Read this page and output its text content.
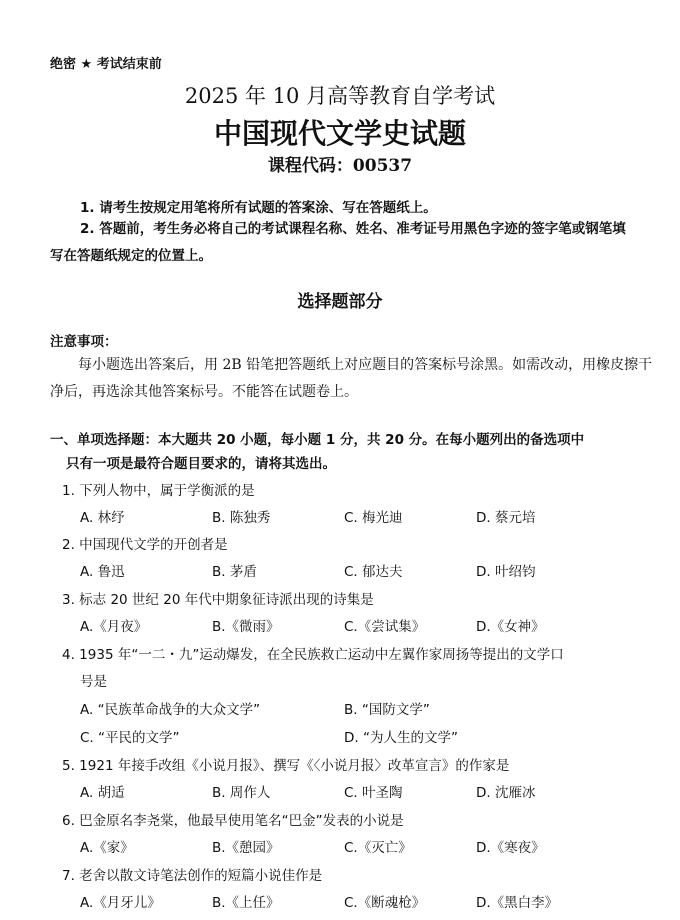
绝密 ★ 考试结束前
2025 年 10 月高等教育自学考试
中国现代文学史试题
课程代码：00537
1. 请考生按规定用笔将所有试题的答案涂、写在答题纸上。
2. 答题前，考生务必将自己的考试课程名称、姓名、准考证号用黑色字迹的签字笔或钢笔填写在答题纸规定的位置上。
选择题部分
注意事项：
每小题选出答案后，用 2B 铅笔把答题纸上对应题目的答案标号涂黑。如需改动，用橡皮擦干净后，再选涂其他答案标号。不能答在试题卷上。
一、单项选择题：本大题共 20 小题，每小题 1 分，共 20 分。在每小题列出的备选项中
只有一项是最符合题目要求的，请将其选出。
1. 下列人物中，属于学衡派的是
A. 林纾	B. 陈独秀	C. 梅光迪	D. 蔡元培
2. 中国现代文学的开创者是
A. 鲁迅	B. 茅盾	C. 郁达夫	D. 叶绍钧
3. 标志 20 世纪 20 年代中期象征诗派出现的诗集是
A.《月夜》	B.《微雨》	C.《尝试集》	D.《女神》
4. 1935 年“一二・九”运动爆发，在全民族救亡运动中左翼作家周扬等提出的文学口
号是
A. “民族革命战争的大众文学”	B. “国防文学”
C. “平民的文学”	D. “为人生的文学”
5. 1921 年接手改组《小说月报》、撰写《〈小说月报〉改革宣言》的作家是
A. 胡适	B. 周作人	C. 叶圣陶	D. 沈雁冰
6. 巴金原名李尧棠，他最早使用笔名“巴金”发表的小说是
A.《家》	B.《憩园》	C.《灭亡》	D.《寒夜》
7. 老舍以散文诗笔法创作的短篇小说佳作是
A.《月牙儿》	B.《上任》	C.《断魂枪》	D.《黑白李》
